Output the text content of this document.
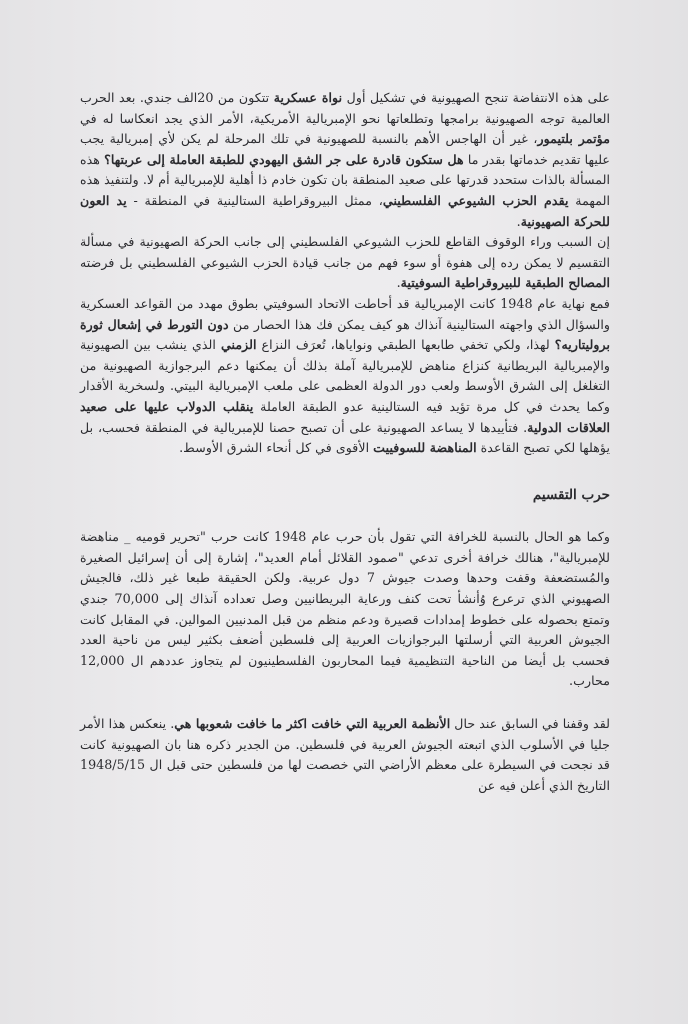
على هذه الانتفاضة تنجح الصهيونية في تشكيل أول نواة عسكرية تتكون من 20الف جندي. بعد الحرب العالمية توجه الصهيونية برامجها وتطلعاتها نحو الإمبريالية الأمريكية، الأمر الذي يجد انعكاسا له في مؤتمر بلتيمور، غير أن الهاجس الأهم بالنسبة للصهيونية في تلك المرحلة لم يكن لأي إمبريالية يجب عليها تقديم خدماتها بقدر ما هل ستكون قادرة على جر الشق اليهودي للطبقة العاملة إلى عربتها؟ هذه المسألة بالذات ستحدد قدرتها على صعيد المنطقة بان تكون خادم ذا أهلية للإمبريالية أم لا. ولتنفيذ هذه المهمة يقدم الحزب الشيوعي الفلسطيني، ممثل البيروقراطية الستالينية في المنطقة - يد العون للحركة الصهيونية.

إن السبب وراء الوقوف القاطع للحزب الشيوعي الفلسطيني إلى جانب الحركة الصهيونية في مسألة التقسيم لا يمكن رده إلى هفوة أو سوء فهم من جانب قيادة الحزب الشيوعي الفلسطيني بل فرضته المصالح الطبقية للبيروقراطية السوفيتية.

فمع نهاية عام 1948 كانت الإمبريالية قد أحاطت الاتحاد السوفيتي بطوق مهدد من القواعد العسكرية والسؤال الذي واجهته الستالينية آنذاك هو كيف يمكن فك هذا الحصار من دون التورط في إشعال ثورة بروليتاريه؟ لهذا، ولكي تخفي طابعها الطبقي ونواياها، تُعرَف النزاع الزمني الذي ينشب بين الصهيونية والإمبريالية البريطانية كنزاع مناهض للإمبريالية آملة بذلك أن يمكنها دعم البرجوازية الصهيونية من التغلغل إلى الشرق الأوسط ولعب دور الدولة العظمى على ملعب الإمبريالية البيتي. ولسخرية الأقدار وكما يحدث في كل مرة تؤيد فيه الستالينية عدو الطبقة العاملة ينقلب الدولاب عليها على صعيد العلاقات الدولية. فتأييدها لا يساعد الصهيونية على أن تصبح حصنا للإمبريالية في المنطقة فحسب، بل يؤهلها لكي تصبح القاعدة المناهضة للسوفييت الأقوى في كل أنحاء الشرق الأوسط.

حرب التقسيم

وكما هو الحال بالنسبة للخرافة التي تقول بأن حرب عام 1948 كانت حرب "تحرير قوميه _ مناهضة للإمبريالية"، هنالك خرافة أخرى تدعي "صمود القلائل أمام العديد"، إشارة إلى أن إسرائيل الصغيرة والمُستضعفة وقفت وحدها وصدت جيوش 7 دول عربية. ولكن الحقيقة طبعا غير ذلك، فالجيش الصهيوني الذي ترعرع وُأنشأ تحت كنف ورعاية البريطانيين وصل تعداده آنذاك إلى 70,000 جندي وتمتع بحصوله على خطوط إمدادات قصيرة ودعم منظم من قبل المدنيين الموالين. في المقابل كانت الجيوش العربية التي أرسلتها البرجوازيات العربية إلى فلسطين أضعف بكثير ليس من ناحية العدد فحسب بل أيضا من الناحية التنظيمية فيما المحاربون الفلسطينيون لم يتجاوز عددهم ال 12,000 محارب.

لقد وقفنا في السابق عند حال الأنظمة العربية التي خافت اكثر ما خافت شعوبها هي. ينعكس هذا الأمر جليا في الأسلوب الذي اتبعته الجيوش العربية في فلسطين. من الجدير ذكره هنا بان الصهيونية كانت قد نجحت في السيطرة على معظم الأراضي التي خصصت لها من فلسطين حتى قبل ال 1948/5/15 التاريخ الذي أعلن فيه عن
